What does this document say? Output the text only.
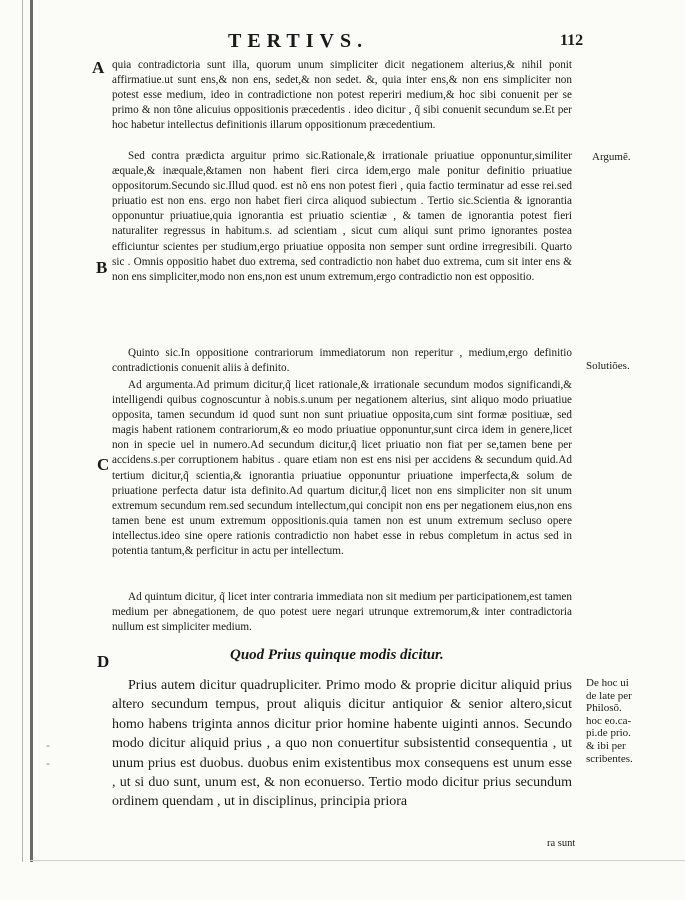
TERTIVS.	112
A
B
C
D

quia contradictoria sunt illa, quorum unum simpliciter dicit negationem alterius,& nihil ponit affirmatiue.ut sunt ens,& non ens, sedet,& non sedet. &, quia inter ens,& non ens simpliciter non potest esse medium, ideo in contradictione non potest reperiri medium,& hoc sibi conuenit per se primo & non tõne alicuius oppositionis præcedentis . ideo dicitur , q̃ sibi conuenit secundum se.Et per hoc habetur intellectus definitionis illarum oppositionum præcedentium.

Sed contra prædicta arguitur primo sic.Rationale,& irrationale priuatiue opponuntur,similiter æquale,& inæquale,&tamen non habent fieri circa idem,ergo male ponitur definitio priuatiue oppositorum.Secundo sic.Illud quod. est nõ ens non potest fieri , quia factio terminatur ad esse rei.sed priuatio est non ens. ergo non habet fieri circa aliquod subiectum . Tertio sic.Scientia & ignorantia opponuntur priuatiue,quia ignorantia est priuatio scientiæ , & tamen de ignorantia potest fieri naturaliter regressus in habitum.s. ad scientiam , sicut cum aliqui sunt primo ignorantes postea efficiuntur scientes per studium,ergo priuatiue opposita non semper sunt ordine irregresibili. Quarto sic . Omnis oppositio habet duo extrema, sed contradictio non habet duo extrema, cum sit inter ens & non ens simpliciter,modo non ens,non est unum extremum,ergo contradictio non est oppositio.

Quinto sic.In oppositione contrariorum immediatorum non reperitur , medium,ergo definitio contradictionis conuenit aliis à definito.

Ad argumenta.Ad primum dicitur,q̃ licet rationale,& irrationale secundum modos significandi,& intelligendi quibus cognoscuntur à nobis.s.unum per negationem alterius, sint aliquo modo priuatiue opposita, tamen secundum id quod sunt non sunt priuatiue opposita,cum sint formæ positiuæ, sed magis habent rationem contrariorum,& eo modo priuatiue opponuntur,sunt circa idem in genere,licet non in specie uel in numero.Ad secundum dicitur,q̃ licet priuatio non fiat per se,tamen bene per accidens.s.per corruptionem habitus . quare etiam non est ens nisi per accidens & secundum quid.Ad tertium dicitur,q̃ scientia,& ignorantia priuatiue opponuntur priuatione imperfecta,& solum de priuatione perfecta datur ista definito.Ad quartum dicitur,q̃ licet non ens simpliciter non sit unum extremum secundum rem.sed secundum intellectum,qui concipit non ens per negationem eius,non ens tamen bene est unum extremum oppositionis.quia tamen non est unum extremum secluso opere intellectus.ideo sine opere rationis contradictio non habet esse in rebus completum in actus sed in potentia tantum,& perficitur in actu per intellectum.

Ad quintum dicitur, q̃ licet inter contraria immediata non sit medium per participationem,est tamen medium per abnegationem, de quo potest uere negari utrunque extremorum,& inter contradictoria nullum est simpliciter medium.

Quod Prius quinque modis dicitur.

Prius autem dicitur quadrupliciter. Primo modo & proprie dicitur aliquid prius altero secundum tempus, prout aliquis dicitur antiquior & senior altero,sicut homo habens triginta annos dicitur prior homine habente uiginti annos. Secundo modo dicitur aliquid prius , a quo non conuertitur subsistentid consequentia , ut unum prius est duobus. duobus enim existentibus mox consequens est unum esse , ut si duo sunt, unum est, & non econuerso. Tertio modo dicitur prius secundum ordinem quendam , ut in disciplinus, principia priora

Argumẽ.
Solutiões.
De hoc ui
de late per
Philosõ.
hoc eo.ca-
pi.de prio.
& ibi per
scribentes.
ra sunt
-
-
